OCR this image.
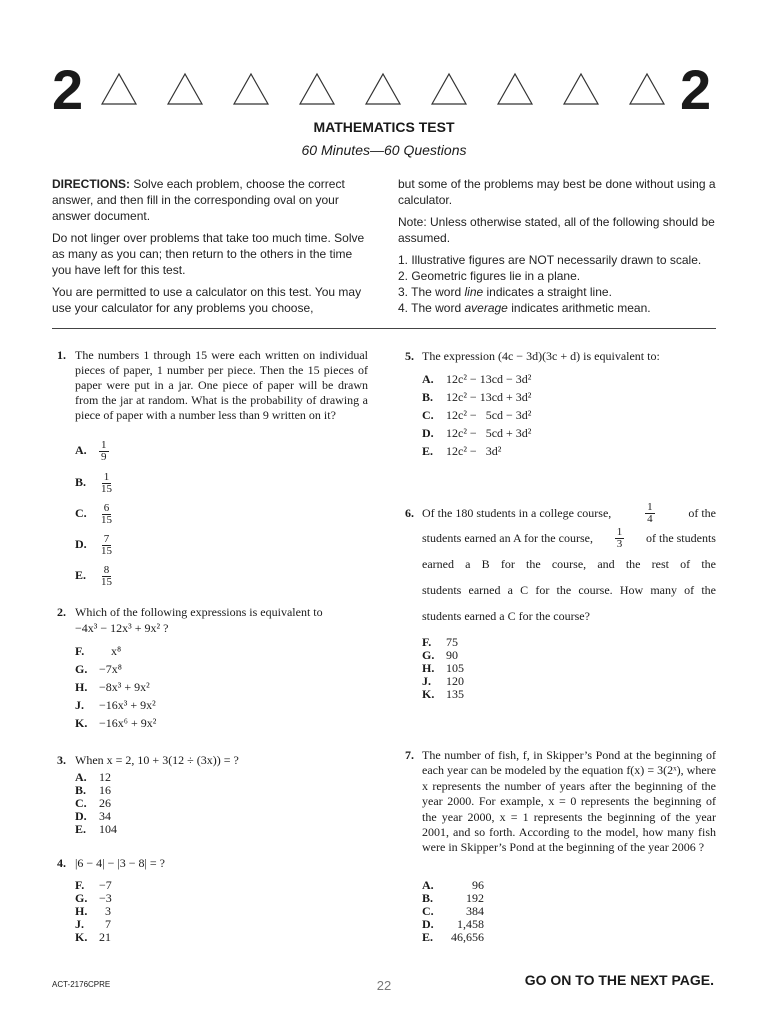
2	2
MATHEMATICS TEST
60 Minutes—60 Questions

DIRECTIONS: Solve each problem, choose the correct answer, and then fill in the corresponding oval on your answer document.

Do not linger over problems that take too much time. Solve as many as you can; then return to the others in the time you have left for this test.

You are permitted to use a calculator on this test. You may use your calculator for any problems you choose,

but some of the problems may best be done without using a calculator.

Note: Unless otherwise stated, all of the following should be assumed.

1. Illustrative figures are NOT necessarily drawn to scale.
2. Geometric figures lie in a plane.
3. The word line indicates a straight line.
4. The word average indicates arithmetic mean.
1. The numbers 1 through 15 were each written on individual pieces of paper, 1 number per piece. Then the 15 pieces of paper were put in a jar. One piece of paper will be drawn from the jar at random. What is the probability of drawing a piece of paper with a number less than 9 written on it?
A. $\frac{1}{9}$
B. $\frac{1}{15}$
C. $\frac{6}{15}$
D. $\frac{7}{15}$
E. $\frac{8}{15}$
2. Which of the following expressions is equivalent to
−4x³ − 12x³ + 9x² ?
F. x⁸
G. −7x⁸
H. −8x³ + 9x²
J. −16x³ + 9x²
K. −16x⁶ + 9x²
3. When x = 2, 10 + 3(12 ÷ (3x)) = ?
A. 12
B. 16
C. 26
D. 34
E. 104
4. |6 − 4| − |3 − 8| = ?
F. −7
G. −3
H. 3
J. 7
K. 21
5. The expression (4c − 3d)(3c + d) is equivalent to:
A. 12c² − 13cd − 3d²
B. 12c² − 13cd + 3d²
C. 12c² −   5cd − 3d²
D. 12c² −   5cd + 3d²
E. 12c² −   3d²
6. Of the 180 students in a college course,	$\frac{1}{4}$	of the
students earned an A for the course, $\frac{1}{3}$ of the students
earned a B for the course, and the rest of the
students earned a C for the course. How many of the
students earned a C for the course?
F. 75
G. 90
H. 105
J. 120
K. 135
7. The number of fish, f, in Skipper’s Pond at the beginning of each year can be modeled by the equation f(x) = 3(2ˣ), where x represents the number of years after the beginning of the year 2000. For example, x = 0 represents the beginning of the year 2000, x = 1 represents the beginning of the year 2001, and so forth. According to the model, how many fish were in Skipper’s Pond at the beginning of the year 2006 ?
A.	96
B.	192
C.	384
D. 1,458
E. 46,656
ACT-2176CPRE	22	GO ON TO THE NEXT PAGE.
